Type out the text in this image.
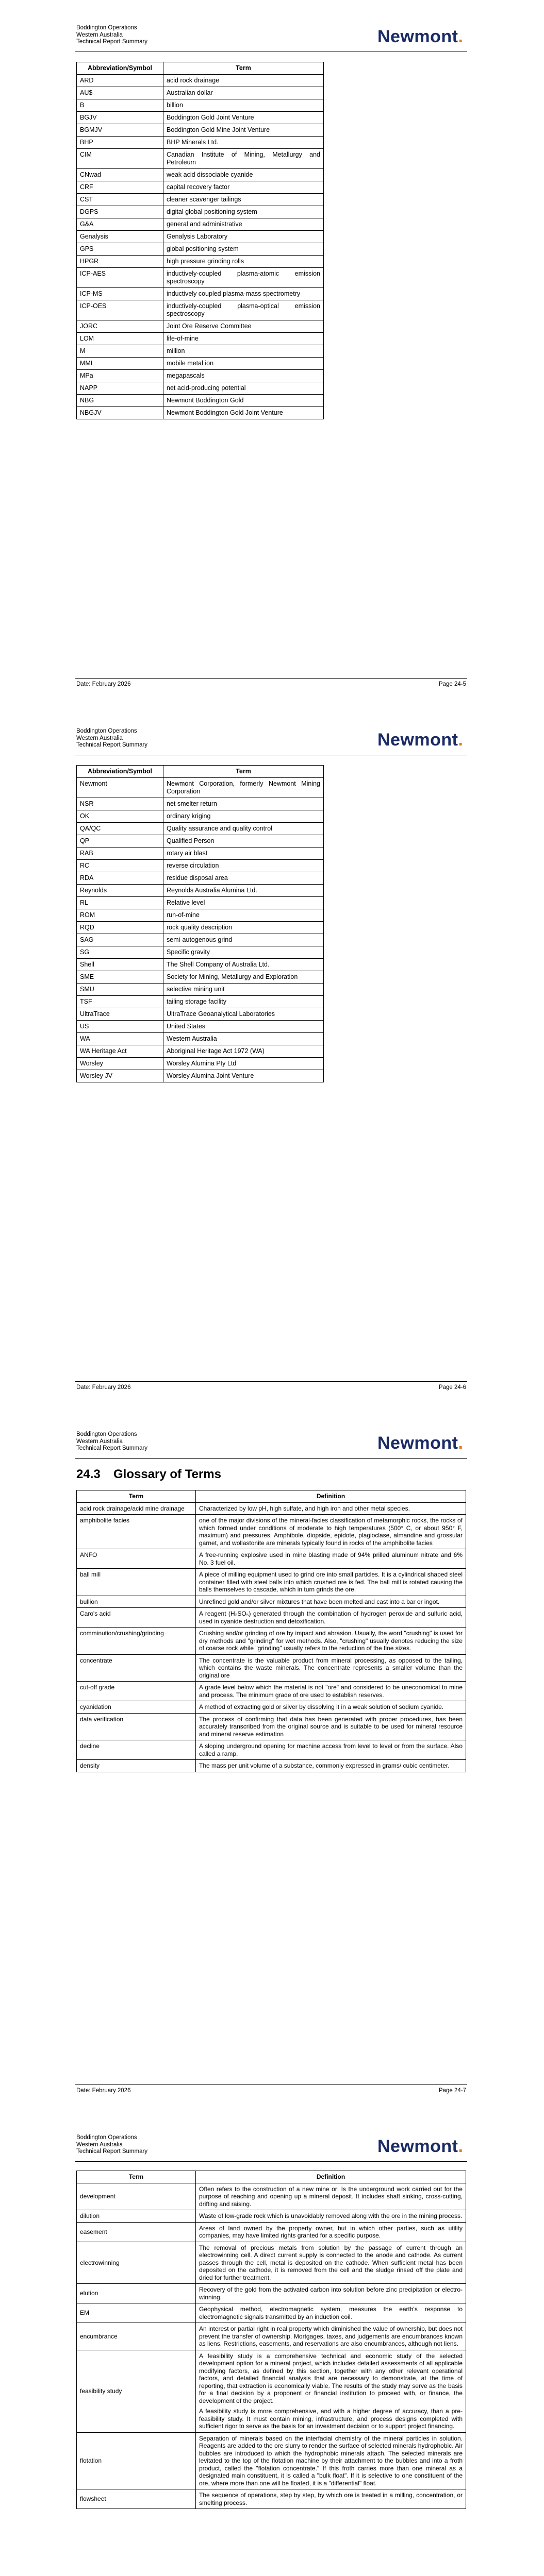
Boddington Operations
Western Australia
Technical Report Summary	Newmont.
Abbreviation/Symbol	Term
ARD	acid rock drainage
AU$	Australian dollar
B	billion
BGJV	Boddington Gold Joint Venture
BGMJV	Boddington Gold Mine Joint Venture
BHP	BHP Minerals Ltd.
CIM	Canadian Institute of Mining, Metallurgy and Petroleum
CNwad	weak acid dissociable cyanide
CRF	capital recovery factor
CST	cleaner scavenger tailings
DGPS	digital global positioning system
G&A	general and administrative
Genalysis	Genalysis Laboratory
GPS	global positioning system
HPGR	high pressure grinding rolls
ICP-AES	inductively-coupled plasma-atomic emission spectroscopy
ICP-MS	inductively coupled plasma-mass spectrometry
ICP-OES	inductively-coupled plasma-optical emission spectroscopy
JORC	Joint Ore Reserve Committee
LOM	life-of-mine
M	million
MMI	mobile metal ion
MPa	megapascals
NAPP	net acid-producing potential
NBG	Newmont Boddington Gold
NBGJV	Newmont Boddington Gold Joint Venture
Date: February 2026	Page 24-5
Boddington Operations
Western Australia
Technical Report Summary	Newmont.
Abbreviation/Symbol	Term
Newmont	Newmont Corporation, formerly Newmont Mining Corporation
NSR	net smelter return
OK	ordinary kriging
QA/QC	Quality assurance and quality control
QP	Qualified Person
RAB	rotary air blast
RC	reverse circulation
RDA	residue disposal area
Reynolds	Reynolds Australia Alumina Ltd.
RL	Relative level
ROM	run-of-mine
RQD	rock quality description
SAG	semi-autogenous grind
SG	Specific gravity
Shell	The Shell Company of Australia Ltd.
SME	Society for Mining, Metallurgy and Exploration
SMU	selective mining unit
TSF	tailing storage facility
UltraTrace	UltraTrace Geoanalytical Laboratories
US	United States
WA	Western Australia
WA Heritage Act	Aboriginal Heritage Act 1972 (WA)
Worsley	Worsley Alumina Pty Ltd
Worsley JV	Worsley Alumina Joint Venture
Date: February 2026	Page 24-6
Boddington Operations
Western Australia
Technical Report Summary	Newmont.
24.3 Glossary of Terms
Term	Definition
acid rock drainage/acid mine drainage	Characterized by low pH, high sulfate, and high iron and other metal species.
amphibolite facies	one of the major divisions of the mineral-facies classification of metamorphic rocks, the rocks of which formed under conditions of moderate to high temperatures (500° C, or about 950° F, maximum) and pressures. Amphibole, diopside, epidote, plagioclase, almandine and grossular garnet, and wollastonite are minerals typically found in rocks of the amphibolite facies
ANFO	A free-running explosive used in mine blasting made of 94% prilled aluminum nitrate and 6% No. 3 fuel oil.
ball mill	A piece of milling equipment used to grind ore into small particles. It is a cylindrical shaped steel container filled with steel balls into which crushed ore is fed. The ball mill is rotated causing the balls themselves to cascade, which in turn grinds the ore.
bullion	Unrefined gold and/or silver mixtures that have been melted and cast into a bar or ingot.
Caro's acid	A reagent (H₂SO₅) generated through the combination of hydrogen peroxide and sulfuric acid, used in cyanide destruction and detoxification.
comminution/crushing/grinding	Crushing and/or grinding of ore by impact and abrasion. Usually, the word "crushing" is used for dry methods and "grinding" for wet methods. Also, "crushing" usually denotes reducing the size of coarse rock while "grinding" usually refers to the reduction of the fine sizes.
concentrate	The concentrate is the valuable product from mineral processing, as opposed to the tailing, which contains the waste minerals. The concentrate represents a smaller volume than the original ore
cut-off grade	A grade level below which the material is not "ore" and considered to be uneconomical to mine and process. The minimum grade of ore used to establish reserves.
cyanidation	A method of extracting gold or silver by dissolving it in a weak solution of sodium cyanide.
data verification	The process of confirming that data has been generated with proper procedures, has been accurately transcribed from the original source and is suitable to be used for mineral resource and mineral reserve estimation
decline	A sloping underground opening for machine access from level to level or from the surface. Also called a ramp.
density	The mass per unit volume of a substance, commonly expressed in grams/ cubic centimeter.
Date: February 2026	Page 24-7
Boddington Operations
Western Australia
Technical Report Summary	Newmont.
Term	Definition
development	Often refers to the construction of a new mine or; Is the underground work carried out for the purpose of reaching and opening up a mineral deposit. It includes shaft sinking, cross-cutting, drifting and raising.

dilution	Waste of low-grade rock which is unavoidably removed along with the ore in the mining process.

easement	Areas of land owned by the property owner, but in which other parties, such as utility companies, may have limited rights granted for a specific purpose.

electrowinning	The removal of precious metals from solution by the passage of current through an electrowinning cell. A direct current supply is connected to the anode and cathode. As current passes through the cell, metal is deposited on the cathode. When sufficient metal has been deposited on the cathode, it is removed from the cell and the sludge rinsed off the plate and dried for further treatment.

elution	Recovery of the gold from the activated carbon into solution before zinc precipitation or electro-winning.

EM	Geophysical method, electromagnetic system, measures the earth's response to electromagnetic signals transmitted by an induction coil.

encumbrance	An interest or partial right in real property which diminished the value of ownership, but does not prevent the transfer of ownership. Mortgages, taxes, and judgements are encumbrances known as liens. Restrictions, easements, and reservations are also encumbrances, although not liens.

feasibility study	A feasibility study is a comprehensive technical and economic study of the selected development option for a mineral project, which includes detailed assessments of all applicable modifying factors, as defined by this section, together with any other relevant operational factors, and detailed financial analysis that are necessary to demonstrate, at the time of reporting, that extraction is economically viable. The results of the study may serve as the basis for a final decision by a proponent or financial institution to proceed with, or finance, the development of the project.
A feasibility study is more comprehensive, and with a higher degree of accuracy, than a pre-feasibility study. It must contain mining, infrastructure, and process designs completed with sufficient rigor to serve as the basis for an investment decision or to support project financing.

flotation	Separation of minerals based on the interfacial chemistry of the mineral particles in solution. Reagents are added to the ore slurry to render the surface of selected minerals hydrophobic. Air bubbles are introduced to which the hydrophobic minerals attach. The selected minerals are levitated to the top of the flotation machine by their attachment to the bubbles and into a froth product, called the "flotation concentrate." If this froth carries more than one mineral as a designated main constituent, it is called a "bulk float". If it is selective to one constituent of the ore, where more than one will be floated, it is a "differential" float.

flowsheet	The sequence of operations, step by step, by which ore is treated in a milling, concentration, or smelting process.
